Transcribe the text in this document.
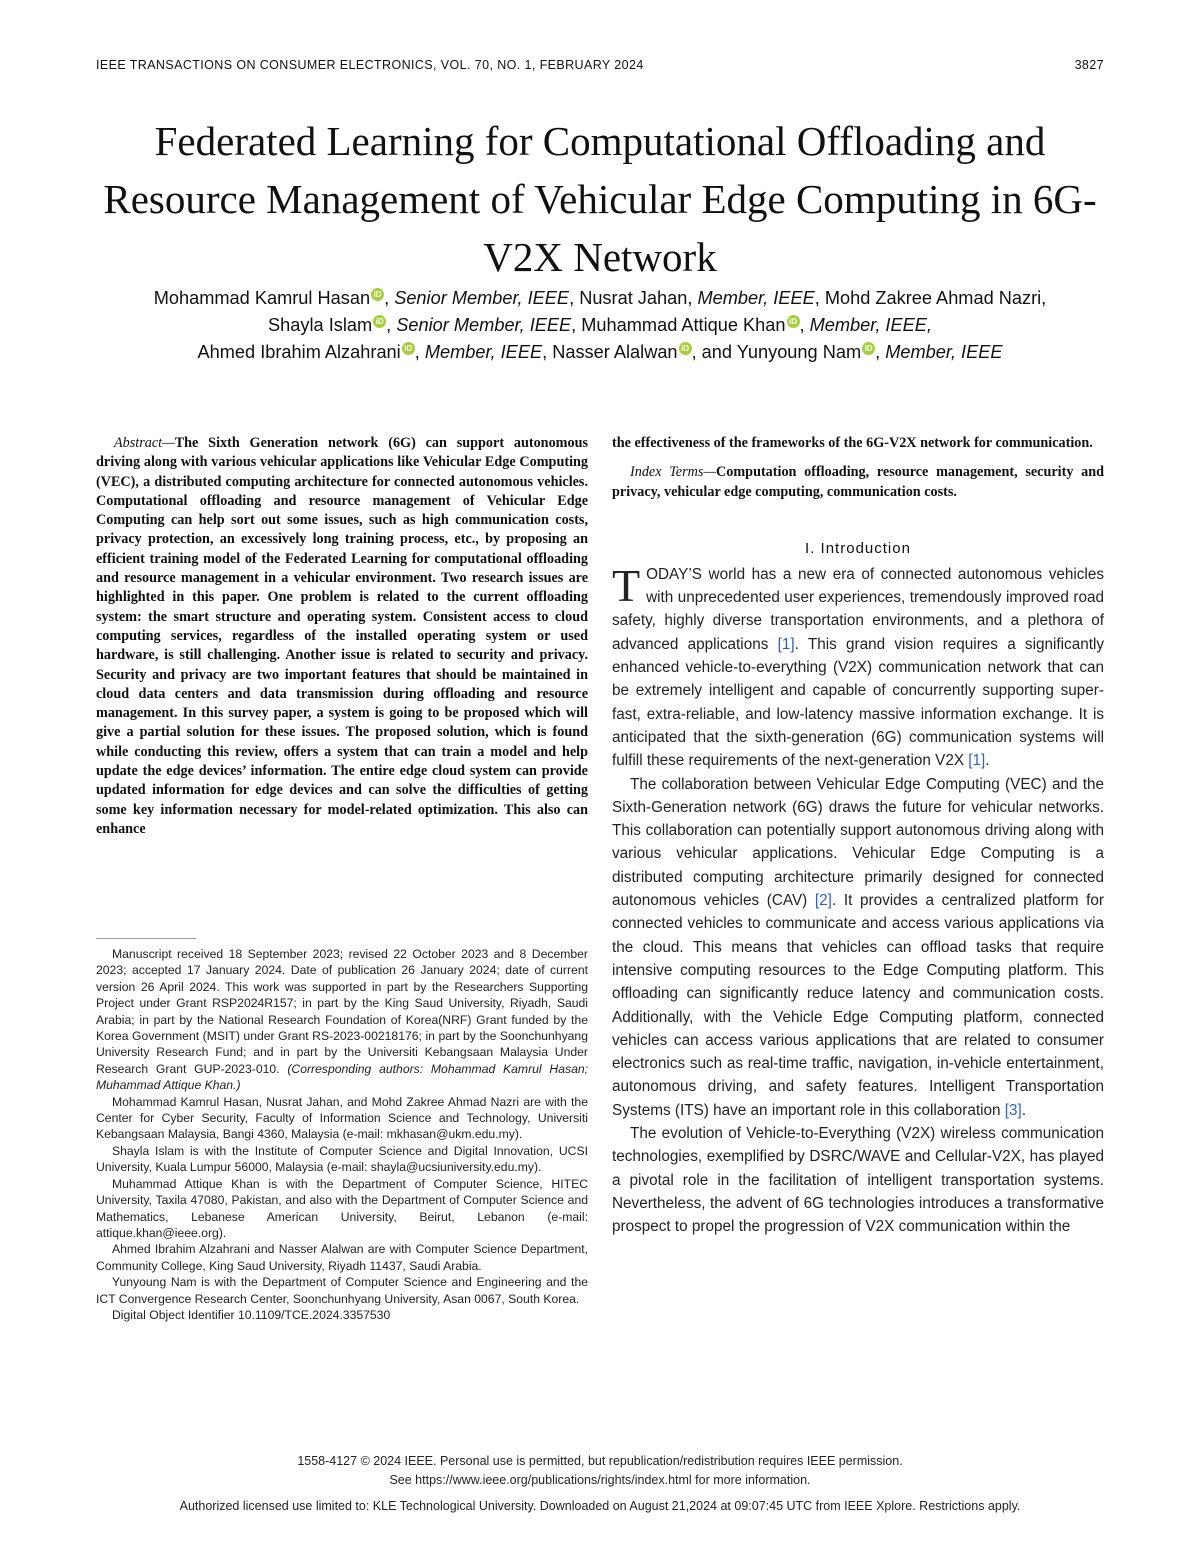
IEEE TRANSACTIONS ON CONSUMER ELECTRONICS, VOL. 70, NO. 1, FEBRUARY 2024	3827
Federated Learning for Computational Offloading and Resource Management of Vehicular Edge Computing in 6G-V2X Network
Mohammad Kamrul Hasan iD , Senior Member, IEEE, Nusrat Jahan, Member, IEEE, Mohd Zakree Ahmad Nazri,
Shayla Islam iD , Senior Member, IEEE, Muhammad Attique Khan iD , Member, IEEE,
Ahmed Ibrahim Alzahrani iD , Member, IEEE, Nasser Alalwan iD , and Yunyoung Nam iD , Member, IEEE
Abstract—The Sixth Generation network (6G) can support autonomous driving along with various vehicular applications like Vehicular Edge Computing (VEC), a distributed computing architecture for connected autonomous vehicles. Computational offloading and resource management of Vehicular Edge Computing can help sort out some issues, such as high communication costs, privacy protection, an excessively long training process, etc., by proposing an efficient training model of the Federated Learning for computational offloading and resource management in a vehicular environment. Two research issues are highlighted in this paper. One problem is related to the current offloading system: the smart structure and operating system. Consistent access to cloud computing services, regardless of the installed operating system or used hardware, is still challenging. Another issue is related to security and privacy. Security and privacy are two important features that should be maintained in cloud data centers and data transmission during offloading and resource management. In this survey paper, a system is going to be proposed which will give a partial solution for these issues. The proposed solution, which is found while conducting this review, offers a system that can train a model and help update the edge devices’ information. The entire edge cloud system can provide updated information for edge devices and can solve the difficulties of getting some key information necessary for model-related optimization. This also can enhance

Manuscript received 18 September 2023; revised 22 October 2023 and 8 December 2023; accepted 17 January 2024. Date of publication 26 January 2024; date of current version 26 April 2024. This work was supported in part by the Researchers Supporting Project under Grant RSP2024R157; in part by the King Saud University, Riyadh, Saudi Arabia; in part by the National Research Foundation of Korea(NRF) Grant funded by the Korea Government (MSIT) under Grant RS-2023-00218176; in part by the Soonchunhyang University Research Fund; and in part by the Universiti Kebangsaan Malaysia Under Research Grant GUP-2023-010. (Corresponding authors: Mohammad Kamrul Hasan; Muhammad Attique Khan.)

Mohammad Kamrul Hasan, Nusrat Jahan, and Mohd Zakree Ahmad Nazri are with the Center for Cyber Security, Faculty of Information Science and Technology, Universiti Kebangsaan Malaysia, Bangi 4360, Malaysia (e-mail: mkhasan@ukm.edu.my).

Shayla Islam is with the Institute of Computer Science and Digital Innovation, UCSI University, Kuala Lumpur 56000, Malaysia (e-mail: shayla@ucsiuniversity.edu.my).

Muhammad Attique Khan is with the Department of Computer Science, HITEC University, Taxila 47080, Pakistan, and also with the Department of Computer Science and Mathematics, Lebanese American University, Beirut, Lebanon (e-mail: attique.khan@ieee.org).

Ahmed Ibrahim Alzahrani and Nasser Alalwan are with Computer Science Department, Community College, King Saud University, Riyadh 11437, Saudi Arabia.

Yunyoung Nam is with the Department of Computer Science and Engineering and the ICT Convergence Research Center, Soonchunhyang University, Asan 0067, South Korea.

Digital Object Identifier 10.1109/TCE.2024.3357530

the effectiveness of the frameworks of the 6G-V2X network for communication.
Index Terms—Computation offloading, resource management, security and privacy, vehicular edge computing, communication costs.
I. Introduction

TODAY’S world has a new era of connected autonomous vehicles with unprecedented user experiences, tremendously improved road safety, highly diverse transportation environments, and a plethora of advanced applications [1]. This grand vision requires a significantly enhanced vehicle-to-everything (V2X) communication network that can be extremely intelligent and capable of concurrently supporting super-fast, extra-reliable, and low-latency massive information exchange. It is anticipated that the sixth-generation (6G) communication systems will fulfill these requirements of the next-generation V2X [1].

The collaboration between Vehicular Edge Computing (VEC) and the Sixth-Generation network (6G) draws the future for vehicular networks. This collaboration can potentially support autonomous driving along with various vehicular applications. Vehicular Edge Computing is a distributed computing architecture primarily designed for connected autonomous vehicles (CAV) [2]. It provides a centralized platform for connected vehicles to communicate and access various applications via the cloud. This means that vehicles can offload tasks that require intensive computing resources to the Edge Computing platform. This offloading can significantly reduce latency and communication costs. Additionally, with the Vehicle Edge Computing platform, connected vehicles can access various applications that are related to consumer electronics such as real-time traffic, navigation, in-vehicle entertainment, autonomous driving, and safety features. Intelligent Transportation Systems (ITS) have an important role in this collaboration [3].

The evolution of Vehicle-to-Everything (V2X) wireless communication technologies, exemplified by DSRC/WAVE and Cellular-V2X, has played a pivotal role in the facilitation of intelligent transportation systems. Nevertheless, the advent of 6G technologies introduces a transformative prospect to propel the progression of V2X communication within the

1558-4127 © 2024 IEEE. Personal use is permitted, but republication/redistribution requires IEEE permission.
See https://www.ieee.org/publications/rights/index.html for more information.
Authorized licensed use limited to: KLE Technological University. Downloaded on August 21,2024 at 09:07:45 UTC from IEEE Xplore. Restrictions apply.
